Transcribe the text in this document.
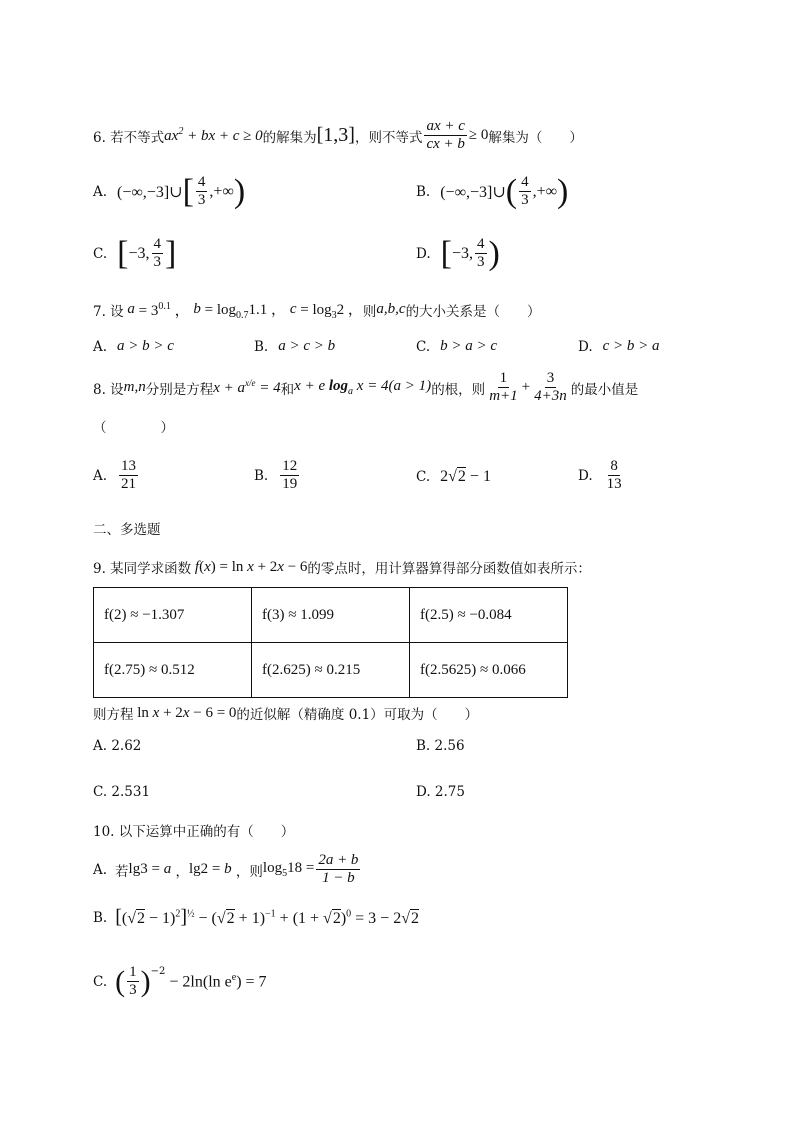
6. 若不等式 $ax^2$ + bx + c ≥ 0 的解集为 [1,3] ，则不等式 $\frac{ax + c}{cx + b} \ge 0$ 解集为（　　）
A. (−∞,−3]∪ [ $\frac{4}{3}$ ,+∞ )	B. (−∞,−3]∪ ( $\frac{4}{3}$ ,+∞ )
C. [ −3, $\frac{4}{3}$ ]	D. [ −3, $\frac{4}{3}$ )
7. 设 $a = 3^{0.1}$ ， $b = \log_{0.7}1.1$ ， $c = \log_32$ ， 则 a,b,c 的大小关系是（　　）
A. a > b > c	B. a > c > b	C. b > a > c	D. c > b > a
8. 设 m,n 分别是方程 $x + a^{x/e} = 4$ 和 x + e $\log_a x = 4(a > 1)$ 的根，则 $\frac{1}{m+1} + \frac{3}{4+3n}$ 的最小值是
（　　　　）
A. $\frac{13}{21}$	B. $\frac{12}{19}$	C. 2√2 − 1	D. $\frac{8}{13}$
二、多选题
9. 某同学求函数 f ( x ) = ln x + 2 x − 6 的零点时，用计算器算得部分函数值如表所示：
f(2) ≈ −1.307	f(3) ≈ 1.099	f(2.5) ≈ −0.084
f(2.75) ≈ 0.512	f(2.625) ≈ 0.215	f(2.5625) ≈ 0.066
则方程 ln x + 2 x − 6 = 0 的近似解（精确度 0.1）可取为（　　）
A. 2.62	B. 2.56
C. 2.531	D. 2.75
10. 以下运算中正确的有（　　）
A. 若 lg3 = a ， lg2 = b ，则 $\log_518 = \frac{2a + b}{1 - b}$
B. $[(√2 - 1)^2]^{\frac{1}{2}} - (√2 + 1)^{-1} + (1 + √2)^0 = 3 - 2√2$
C. ( $\frac{1}{3} )^{-2}$
− 2ln(ln $e^e) = 7$
